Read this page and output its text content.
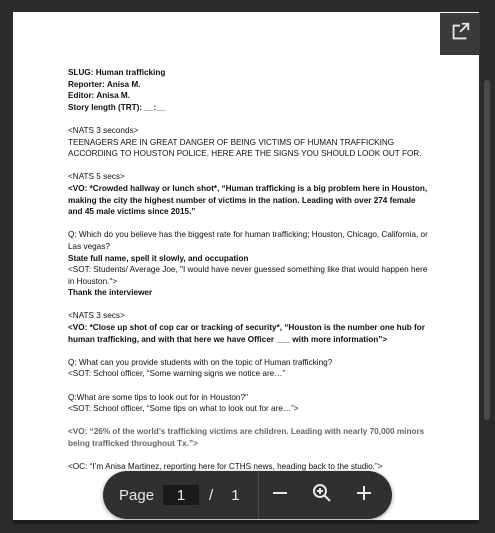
SLUG: Human trafficking
Reporter: Anisa M.
Editor: Anisa M.
Story length (TRT): __:__
<NATS 3 seconds>
TEENAGERS ARE IN GREAT DANGER OF BEING VICTIMS OF HUMAN TRAFFICKING ACCORDING TO HOUSTON POLICE. HERE ARE THE SIGNS YOU SHOULD LOOK OUT FOR.
<NATS 5 secs>
<VO: *Crowded hallway or lunch shot*, “Human trafficking is a big problem here in Houston, making the city the highest number of victims in the nation. Leading with over 274 female and 45 male victims since 2015.”
Q: Which do you believe has the biggest rate for human trafficking; Houston, Chicago, California, or Las vegas?
State full name, spell it slowly, and occupation
<SOT: Students/ Average Joe, "I would have never guessed something like that would happen here in Houston.">
Thank the interviewer
<NATS 3 secs>
<VO: *Close up shot of cop car or tracking of security*, “Houston is the number one hub for human trafficking, and with that here we have Officer ___ with more information”>
Q: What can you provide students with on the topic of Human trafficking?
<SOT: School officer, “Some warning signs we notice are…”
Q:What are some tips to look out for in Houston?"
<SOT: School officer, “Some tips on what to look out for are…”>
<VO: “26% of the world’s trafficking victims are children. Leading with nearly 70,000 minors being trafficked throughout Tx.”>
<OC: “I’m Anisa Martinez, reporting here for CTHS news, heading back to the studio.”>
Page
1	/ 1
